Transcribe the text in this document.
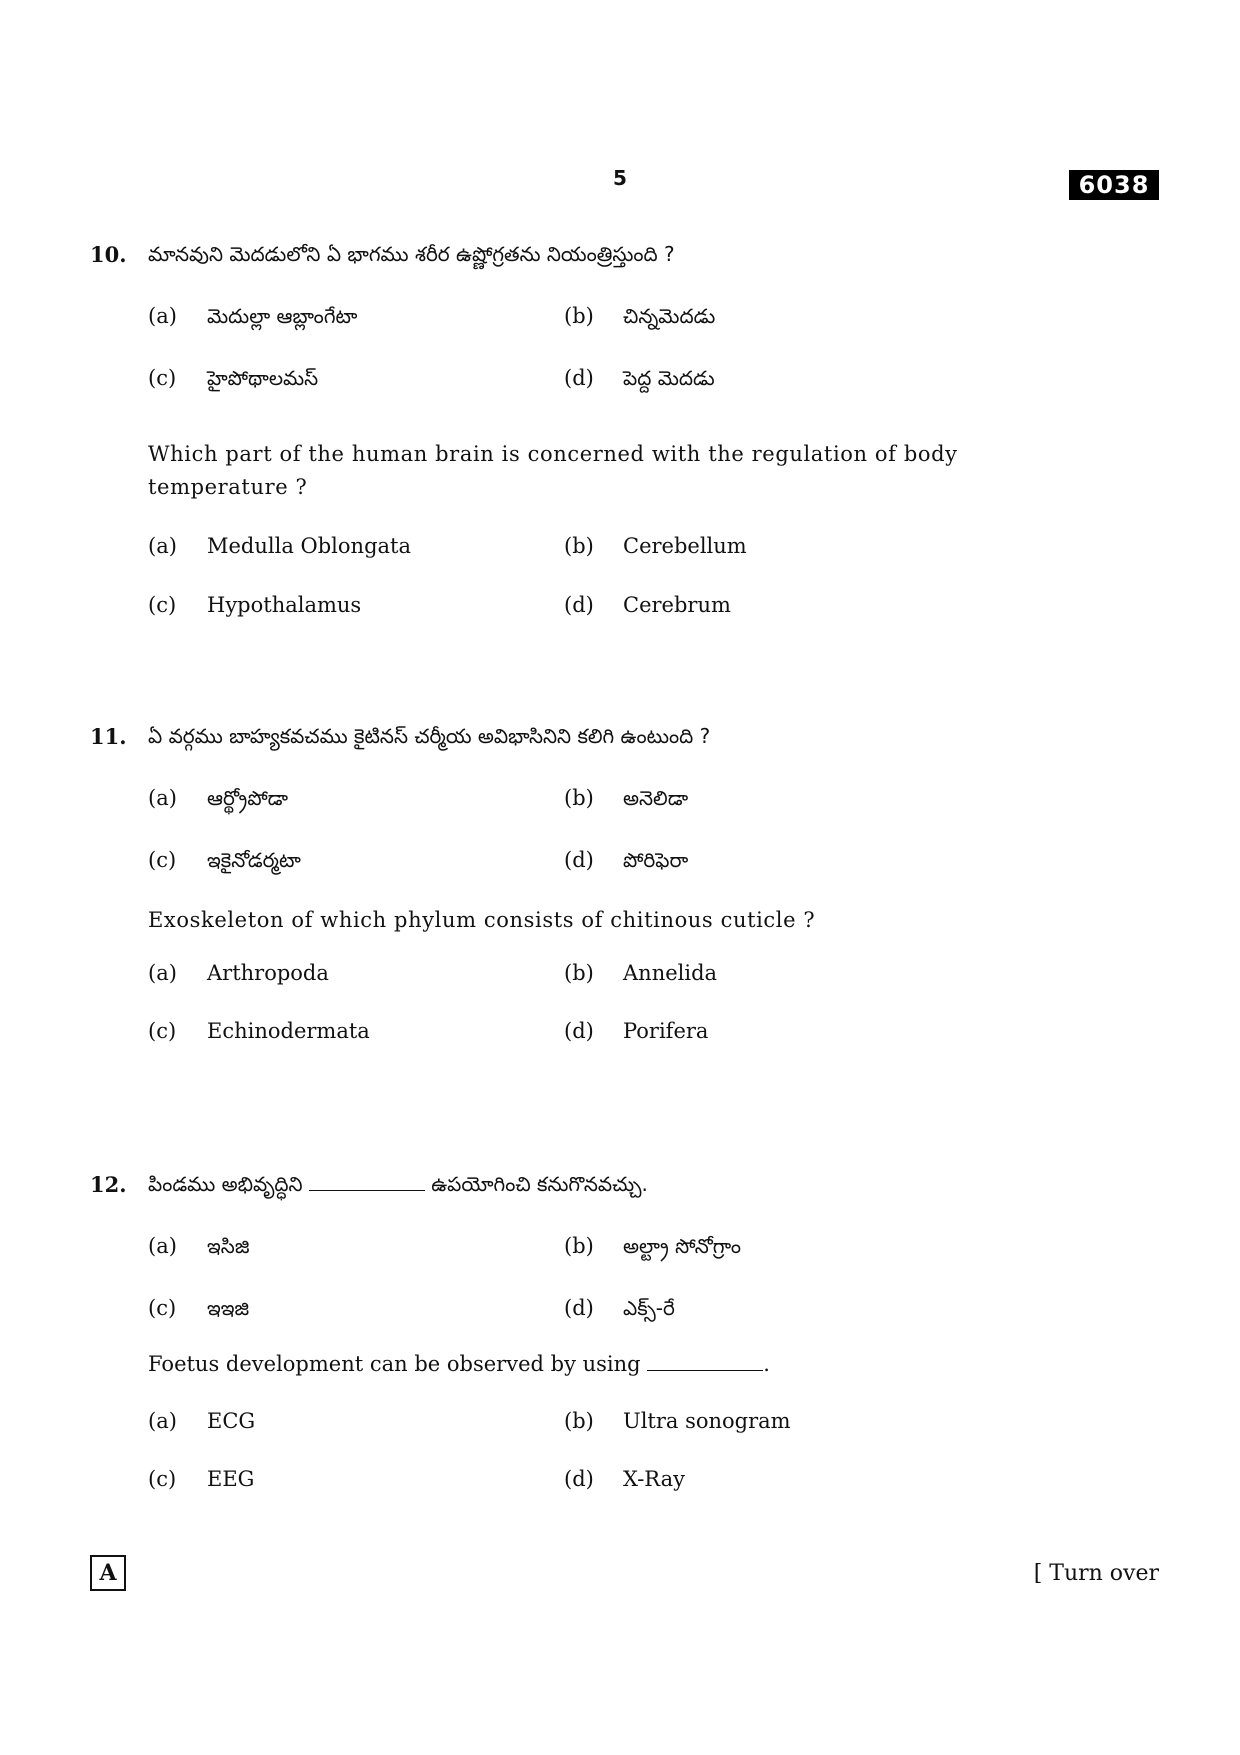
5	6038
10. మానవుని మెదడులోని ఏ భాగము శరీర ఉష్ణోగ్రతను నియంత్రిస్తుంది ?
(a) మెదుల్లా ఆబ్లాంగేటా	(b) చిన్నమెదడు
(c) హైపోథాలమస్	(d) పెద్ద మెదడు
Which part of the human brain is concerned with the regulation of body temperature ?
(a) Medulla Oblongata	(b) Cerebellum
(c) Hypothalamus	(d) Cerebrum
11. ఏ వర్గము బాహ్యకవచము కైటినస్ చర్మీయ అవిభాసినిని కలిగి ఉంటుంది ?
(a) ఆర్థ్రోపోడా	(b) అనెలిడా
(c) ఇకైనోడర్మటా	(d) పోరిఫెరా
Exoskeleton of which phylum consists of chitinous cuticle ?
(a) Arthropoda	(b) Annelida
(c) Echinodermata	(d) Porifera
12. పిండము అభివృద్ధిని	ఉపయోగించి కనుగొనవచ్చు.
(a) ఇసిజి	(b) అల్ట్రా సోనోగ్రాం
(c) ఇఇజి	(d) ఎక్స్-రే
Foetus development can be observed by using	.
(a) ECG	(b) Ultra sonogram
(c) EEG	(d) X-Ray
A	[ Turn over
